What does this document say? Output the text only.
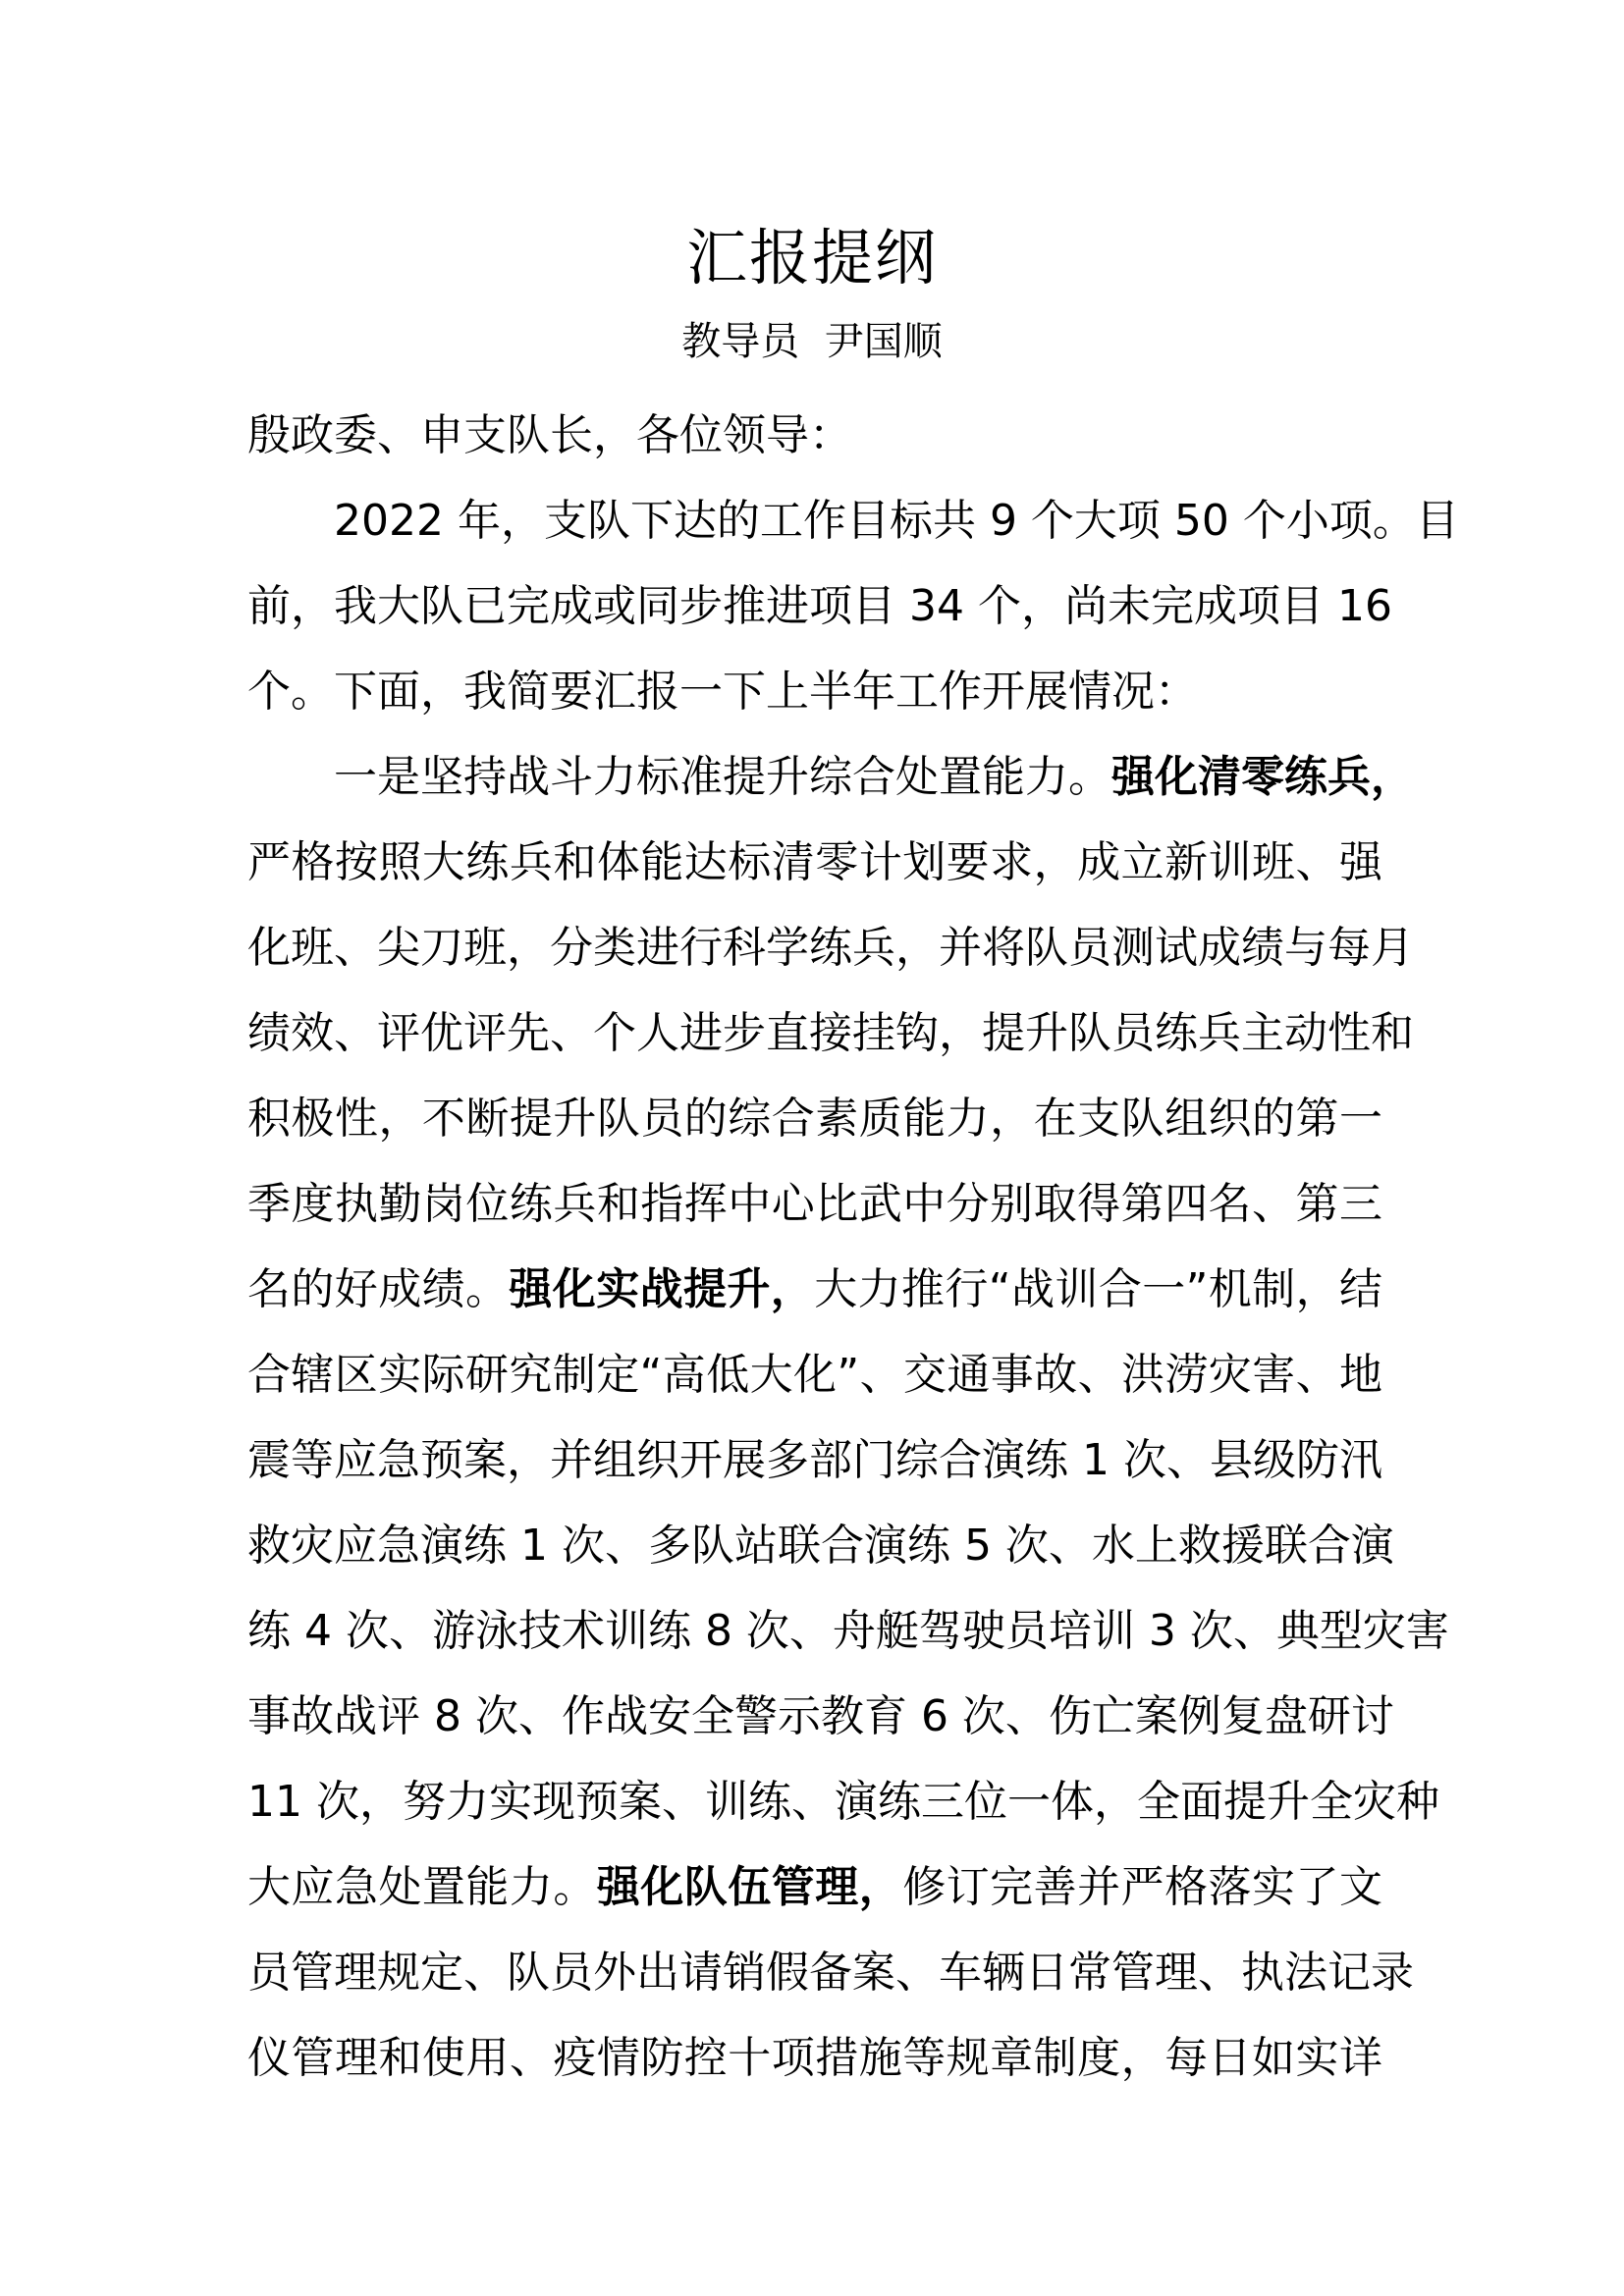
汇报提纲
教导员  尹国顺
殷政委、申支队长，各位领导：
2022 年，支队下达的工作目标共 9 个大项 50 个小项。目
前，我大队已完成或同步推进项目 34 个，尚未完成项目 16
个。下面，我简要汇报一下上半年工作开展情况：
一是坚持战斗力标准提升综合处置能力。强化清零练兵，
严格按照大练兵和体能达标清零计划要求，成立新训班、强
化班、尖刀班，分类进行科学练兵，并将队员测试成绩与每月
绩效、评优评先、个人进步直接挂钩，提升队员练兵主动性和
积极性，不断提升队员的综合素质能力，在支队组织的第一
季度执勤岗位练兵和指挥中心比武中分别取得第四名、第三
名的好成绩。强化实战提升，大力推行“战训合一”机制，结
合辖区实际研究制定“高低大化”、交通事故、洪涝灾害、地
震等应急预案，并组织开展多部门综合演练 1 次、县级防汛
救灾应急演练 1 次、多队站联合演练 5 次、水上救援联合演
练 4 次、游泳技术训练 8 次、舟艇驾驶员培训 3 次、典型灾害
事故战评 8 次、作战安全警示教育 6 次、伤亡案例复盘研讨
11 次，努力实现预案、训练、演练三位一体，全面提升全灾种
大应急处置能力。强化队伍管理，修订完善并严格落实了文
员管理规定、队员外出请销假备案、车辆日常管理、执法记录
仪管理和使用、疫情防控十项措施等规章制度，每日如实详
